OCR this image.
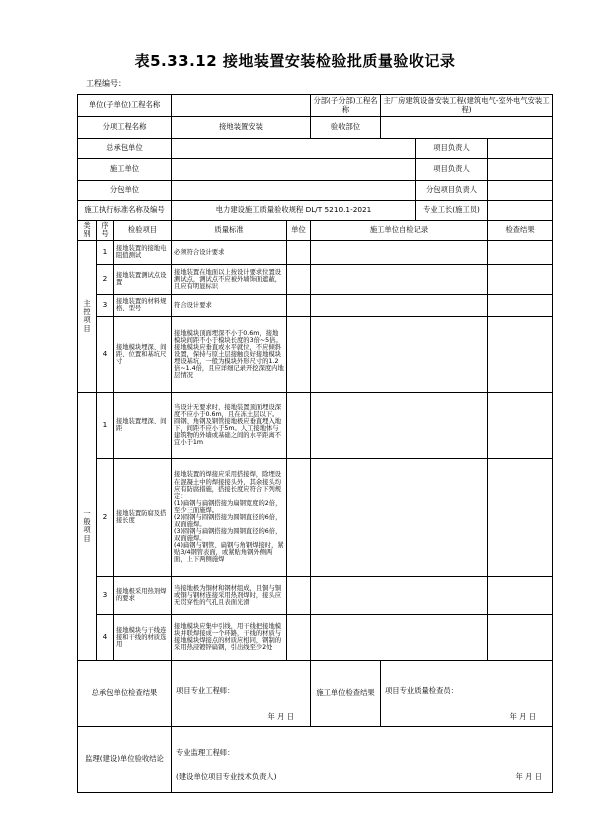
表5.33.12 接地装置安装检验批质量验收记录
工程编号：
单位(子单位)工程名称					分部(子分部)工程名称	主厂房建筑设备安装工程(建筑电气-室外电气安装工程)		
分项工程名称			接地装置安装		验收部位			
总承包单位							项目负责人	
施工单位							项目负责人	
分包单位							分包项目负责人	
施工执行标准名称及编号			电力建设施工质量验收规程 DL/T 5210.1-2021				专业工长(施工员)	
类别	序号	检验项目	质量标准	单位	施工单位自检记录			检查结果
主控项目	1	接地装置的接地电阻值测试	必须符合设计要求					
	2	接地装置测试点设置	接地装置在地面以上按设计要求位置设测试点，测试点不应被外墙饰面遮蔽，且应有明显标识					
	3	接地装置的材料规格、型号	符合设计要求					
	4	接地模块埋深、间距、位置和基坑尺寸	接地模块顶面埋深不小于0.6m，接地模块间距不小于模块长度的3倍~5倍。接地模块应垂直或水平就位，不应倾斜设置，保持与原土层接触良好接地模块埋设基坑，一般为模块外形尺寸的1.2倍~1.4倍，且应详细记录开挖深度内地层情况					
一般项目	1	接地装置埋深、间距	当设计无要求时，接地装置顶面埋设深度不应小于0.6m，且在冻土层以下。圆钢、角钢及钢管接地极应垂直埋入地下，间距不应小于5m。人工接地体与建筑物的外墙或基础之间的水平距离不宜小于1m					
	2	接地装置防腐及搭接长度	接地装置的焊接应采用搭接焊，除埋设在混凝土中的焊接接头外，其余接头均应有防腐措施，搭接长度应符合下列规定：
(1)扁钢与扁钢搭接为扁钢宽度的2倍，至少三面施焊。
(2)圆钢与圆钢搭接为圆钢直径的6倍，双面施焊。
(3)圆钢与扁钢搭接为圆钢直径的6倍，双面施焊。
(4)扁钢与钢管、扁钢与角钢焊接时，紧贴3/4钢管表面，或紧贴角钢外侧两面，上下两侧施焊					
	3	接地极采用热剂焊的要求	当接地极为铜材和钢材组成，且铜与铜或铜与钢材连接采用热剂焊时，接头应无贯穿性的气孔且表面光滑					
	4	接地模块与干线连接和干线的材质选用	接地模块应集中引线，用干线把接地模块并联焊接成一个环路，干线的材质与接地模块焊接点的材质应相同，钢制的采用热浸镀锌扁钢，引出线至少2处					
总承包单位检查结果			项目专业工程师：
年 月 日		施工单位检查结果	项目专业质量检查员：
年 月 日		

监理(建设)单位验收结论			专业监理工程师：
(建设单位项目专业技术负责人) 年 月 日					
